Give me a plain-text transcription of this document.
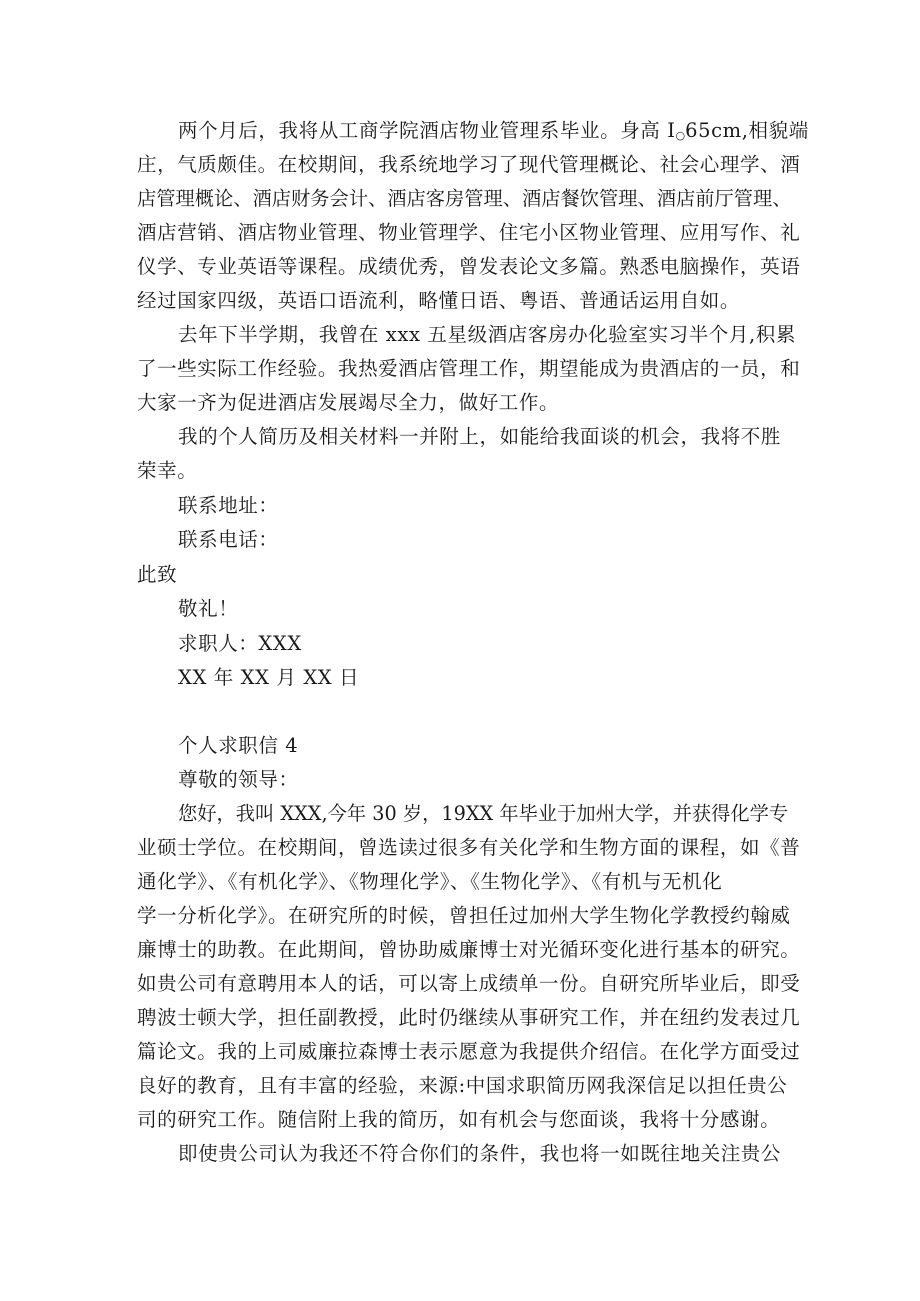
两个月后，我将从工商学院酒店物业管理系毕业。身高 I○65cm,相貌端
庄，气质颇佳。在校期间，我系统地学习了现代管理概论、社会心理学、酒
店管理概论、酒店财务会计、酒店客房管理、酒店餐饮管理、酒店前厅管理、
酒店营销、酒店物业管理、物业管理学、住宅小区物业管理、应用写作、礼
仪学、专业英语等课程。成绩优秀，曾发表论文多篇。熟悉电脑操作，英语
经过国家四级，英语口语流利，略懂日语、粤语、普通话运用自如。
去年下半学期，我曾在 xxx 五星级酒店客房办化验室实习半个月,积累
了一些实际工作经验。我热爱酒店管理工作，期望能成为贵酒店的一员，和
大家一齐为促进酒店发展竭尽全力，做好工作。
我的个人简历及相关材料一并附上，如能给我面谈的机会，我将不胜
荣幸。
联系地址：
联系电话：
此致
敬礼！
求职人：XXX
XX 年 XX 月 XX 日
个人求职信 4
尊敬的领导：
您好，我叫 XXX,今年 30 岁，19XX 年毕业于加州大学，并获得化学专
业硕士学位。在校期间，曾选读过很多有关化学和生物方面的课程，如《普
通化学》、《有机化学》、《物理化学》、《生物化学》、《有机与无机化
学一分析化学》。在研究所的时候，曾担任过加州大学生物化学教授约翰威
廉博士的助教。在此期间，曾协助威廉博士对光循环变化进行基本的研究。
如贵公司有意聘用本人的话，可以寄上成绩单一份。自研究所毕业后，即受
聘波士顿大学，担任副教授，此时仍继续从事研究工作，并在纽约发表过几
篇论文。我的上司威廉拉森博士表示愿意为我提供介绍信。在化学方面受过
良好的教育，且有丰富的经验，来源:中国求职简历网我深信足以担任贵公
司的研究工作。随信附上我的简历，如有机会与您面谈，我将十分感谢。
即使贵公司认为我还不符合你们的条件，我也将一如既往地关注贵公
